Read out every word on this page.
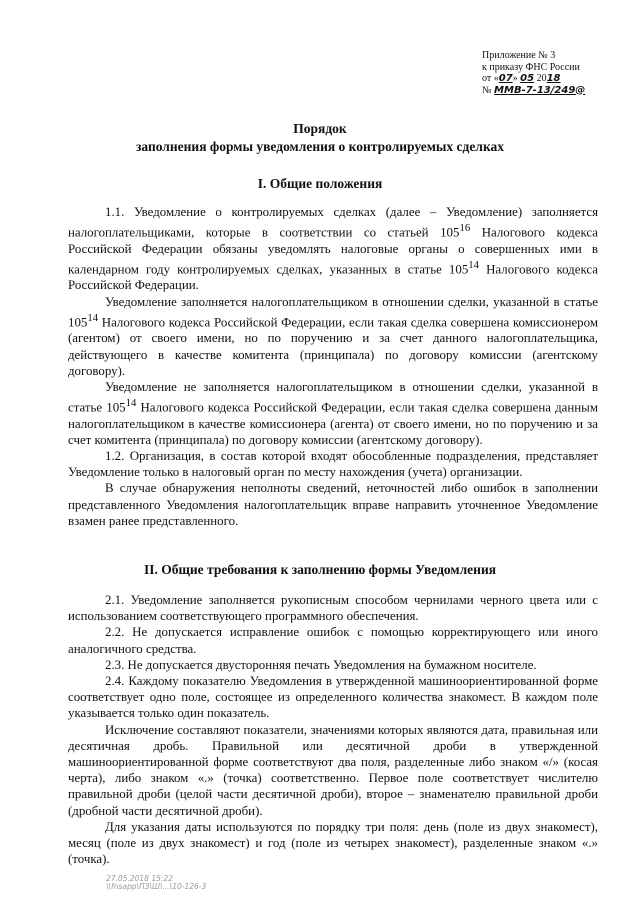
Приложение № 3
к приказу ФНС России
от «07» 05 2018
№ ММВ-7-13/249@
Порядок
заполнения формы уведомления о контролируемых сделках
I. Общие положения

1.1. Уведомление о контролируемых сделках (далее – Уведомление) заполняется налогоплательщиками, которые в соответствии со статьей $105^{16}$ Налогового кодекса Российской Федерации обязаны уведомлять налоговые органы о совершенных ими в календарном году контролируемых сделках, указанных в статье $105^{14}$ Налогового кодекса Российской Федерации.

Уведомление заполняется налогоплательщиком в отношении сделки, указанной в статье $105^{14}$ Налогового кодекса Российской Федерации, если такая сделка совершена комиссионером (агентом) от своего имени, но по поручению и за счет данного налогоплательщика, действующего в качестве комитента (принципала) по договору комиссии (агентскому договору).

Уведомление не заполняется налогоплательщиком в отношении сделки, указанной в статье $105^{14}$ Налогового кодекса Российской Федерации, если такая сделка совершена данным налогоплательщиком в качестве комиссионера (агента) от своего имени, но по поручению и за счет комитента (принципала) по договору комиссии (агентскому договору).

1.2. Организация, в состав которой входят обособленные подразделения, представляет Уведомление только в налоговый орган по месту нахождения (учета) организации.

В случае обнаружения неполноты сведений, неточностей либо ошибок в заполнении представленного Уведомления налогоплательщик вправе направить уточненное Уведомление взамен ранее представленного.

II. Общие требования к заполнению формы Уведомления

2.1. Уведомление заполняется рукописным способом чернилами черного цвета или с использованием соответствующего программного обеспечения.

2.2. Не допускается исправление ошибок с помощью корректирующего или иного аналогичного средства.

2.3. Не допускается двусторонняя печать Уведомления на бумажном носителе.

2.4. Каждому показателю Уведомления в утвержденной машиноориентированной форме соответствует одно поле, состоящее из определенного количества знакомест. В каждом поле указывается только один показатель.

Исключение составляют показатели, значениями которых являются дата, правильная или десятичная дробь. Правильной или десятичной дроби в утвержденной машиноориентированной форме соответствуют два поля, разделенные либо знаком «/» (косая черта), либо знаком «.» (точка) соответственно. Первое поле соответствует числителю правильной дроби (целой части десятичной дроби), второе – знаменателю правильной дроби (дробной части десятичной дроби).

Для указания даты используются по порядку три поля: день (поле из двух знакомест), месяц (поле из двух знакомест) и год (поле из четырех знакомест), разделенные знаком «.» (точка).

27.05.2018 15:22
\\fnsapp\ПЗ\Ш\...\10-126-3
